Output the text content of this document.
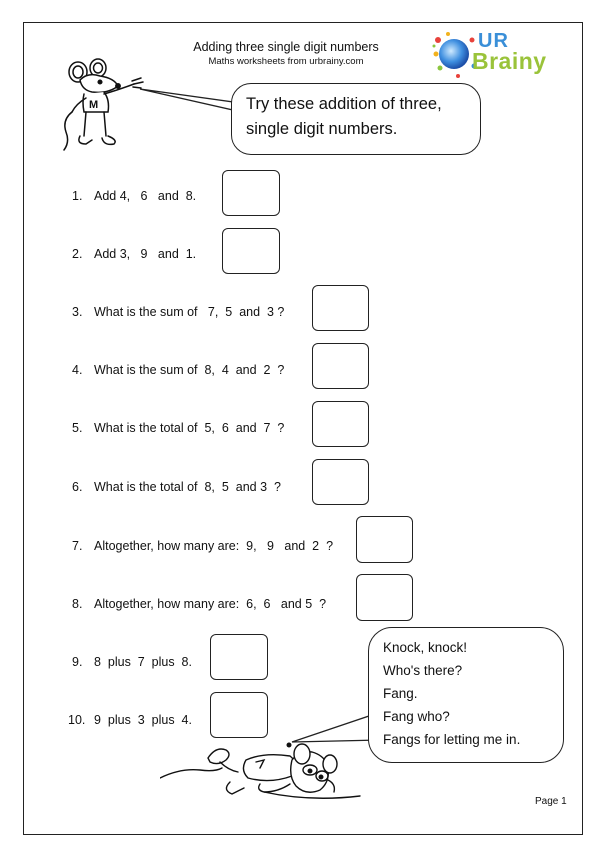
Adding three single digit numbers
Maths worksheets from urbrainy.com
UR
Brainy
M	Try these addition of three,
single digit numbers.
1. Add 4,   6   and  8.
2. Add 3,   9   and  1.
3. What is the sum of   7,  5  and  3 ?
4. What is the sum of  8,  4  and  2  ?
5. What is the total of  5,  6  and  7  ?
6. What is the total of  8,  5  and 3  ?
7. Altogether, how many are:  9,   9   and  2  ?
8. Altogether, how many are:  6,  6   and 5  ?
9. 8  plus  7  plus  8.
10. 9  plus  3  plus  4.
Knock, knock!
Who's there?
Fang.
Fang who?
Fangs for letting me in.
Page 1
